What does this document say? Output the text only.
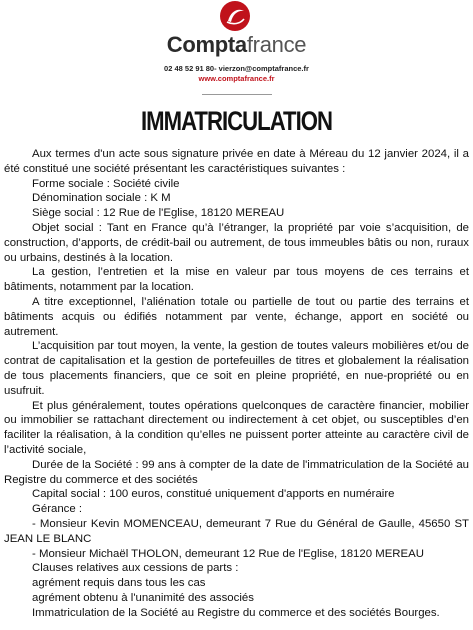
Comptafrance
02 48 52 91 80- vierzon@comptafrance.fr
www.comptafrance.fr
IMMATRICULATION

Aux termes d'un acte sous signature privée en date à Méreau du 12 janvier 2024, il a été constitué une société présentant les caractéristiques suivantes :

Forme sociale : Société civile

Dénomination sociale : K M

Siège social : 12 Rue de l'Eglise, 18120 MEREAU

Objet social : Tant en France qu’à l’étranger, la propriété par voie s’acquisition, de construction, d’apports, de crédit-bail ou autrement, de tous immeubles bâtis ou non, ruraux ou urbains, destinés à la location.

La gestion, l’entretien et la mise en valeur par tous moyens de ces terrains et bâtiments, notamment par la location.

A titre exceptionnel, l’aliénation totale ou partielle de tout ou partie des terrains et bâtiments acquis ou édifiés notamment par vente, échange, apport en société ou autrement.

L’acquisition par tout moyen, la vente, la gestion de toutes valeurs mobilières et/ou de contrat de capitalisation et la gestion de portefeuilles de titres et globalement la réalisation de tous placements financiers, que ce soit en pleine propriété, en nue-propriété ou en usufruit.

Et plus généralement, toutes opérations quelconques de caractère financier, mobilier ou immobilier se rattachant directement ou indirectement à cet objet, ou susceptibles d’en faciliter la réalisation, à la condition qu’elles ne puissent porter atteinte au caractère civil de l’activité sociale,

Durée de la Société : 99 ans à compter de la date de l'immatriculation de la Société au Registre du commerce et des sociétés

Capital social : 100 euros, constitué uniquement d'apports en numéraire

Gérance :

- Monsieur Kevin MOMENCEAU, demeurant 7 Rue du Général de Gaulle, 45650 ST JEAN LE BLANC

- Monsieur Michaël THOLON, demeurant 12 Rue de l'Eglise, 18120 MEREAU

Clauses relatives aux cessions de parts :

agrément requis dans tous les cas

agrément obtenu à l'unanimité des associés

Immatriculation de la Société au Registre du commerce et des sociétés Bourges.
